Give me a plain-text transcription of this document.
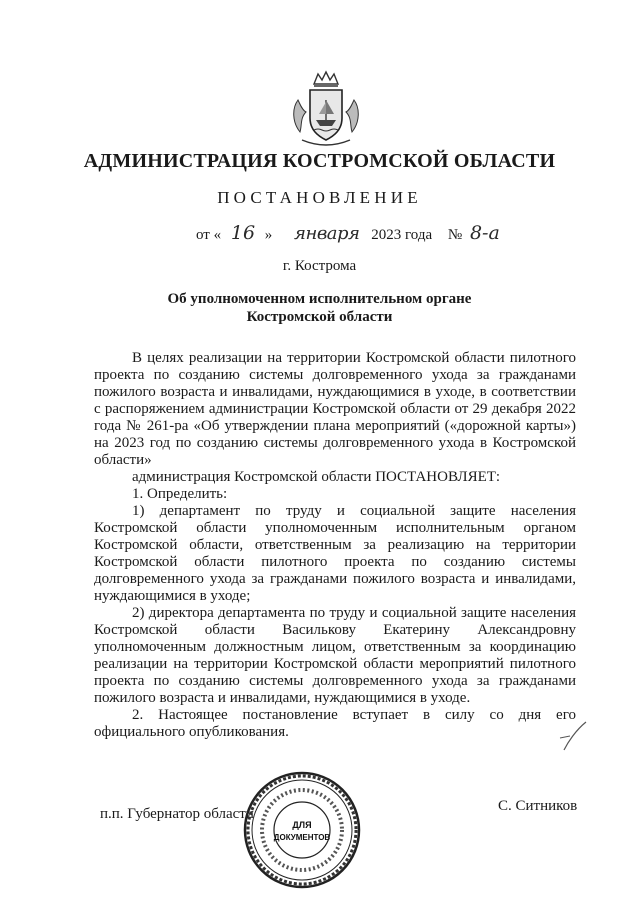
АДМИНИСТРАЦИЯ КОСТРОМСКОЙ ОБЛАСТИ
ПОСТАНОВЛЕНИЕ
от « 16 » января 2023 года № 8-а
г. Кострома
Об уполномоченном исполнительном органе
Костромской области

В целях реализации на территории Костромской области пилотного проекта по созданию системы долговременного ухода за гражданами пожилого возраста и инвалидами, нуждающимися в уходе, в соответствии с распоряжением администрации Костромской области от 29 декабря 2022 года № 261-ра «Об утверждении плана мероприятий («дорожной карты») на 2023 год по созданию системы долговременного ухода в Костромской области»

администрация Костромской области ПОСТАНОВЛЯЕТ:

1. Определить:

1) департамент по труду и социальной защите населения Костромской области уполномоченным исполнительным органом Костромской области, ответственным за реализацию на территории Костромской области пилотного проекта по созданию системы долговременного ухода за гражданами пожилого возраста и инвалидами, нуждающимися в уходе;

2) директора департамента по труду и социальной защите населения Костромской области Василькову Екатерину Александровну уполномоченным должностным лицом, ответственным за координацию реализации на территории Костромской области мероприятий пилотного проекта по созданию системы долговременного ухода за гражданами пожилого возраста и инвалидами, нуждающимися в уходе.

2. Настоящее постановление вступает в силу со дня его официального опубликования.

п.п. Губернатор области	С. Ситников
ДЛЯ
ДОКУМЕНТОВ
